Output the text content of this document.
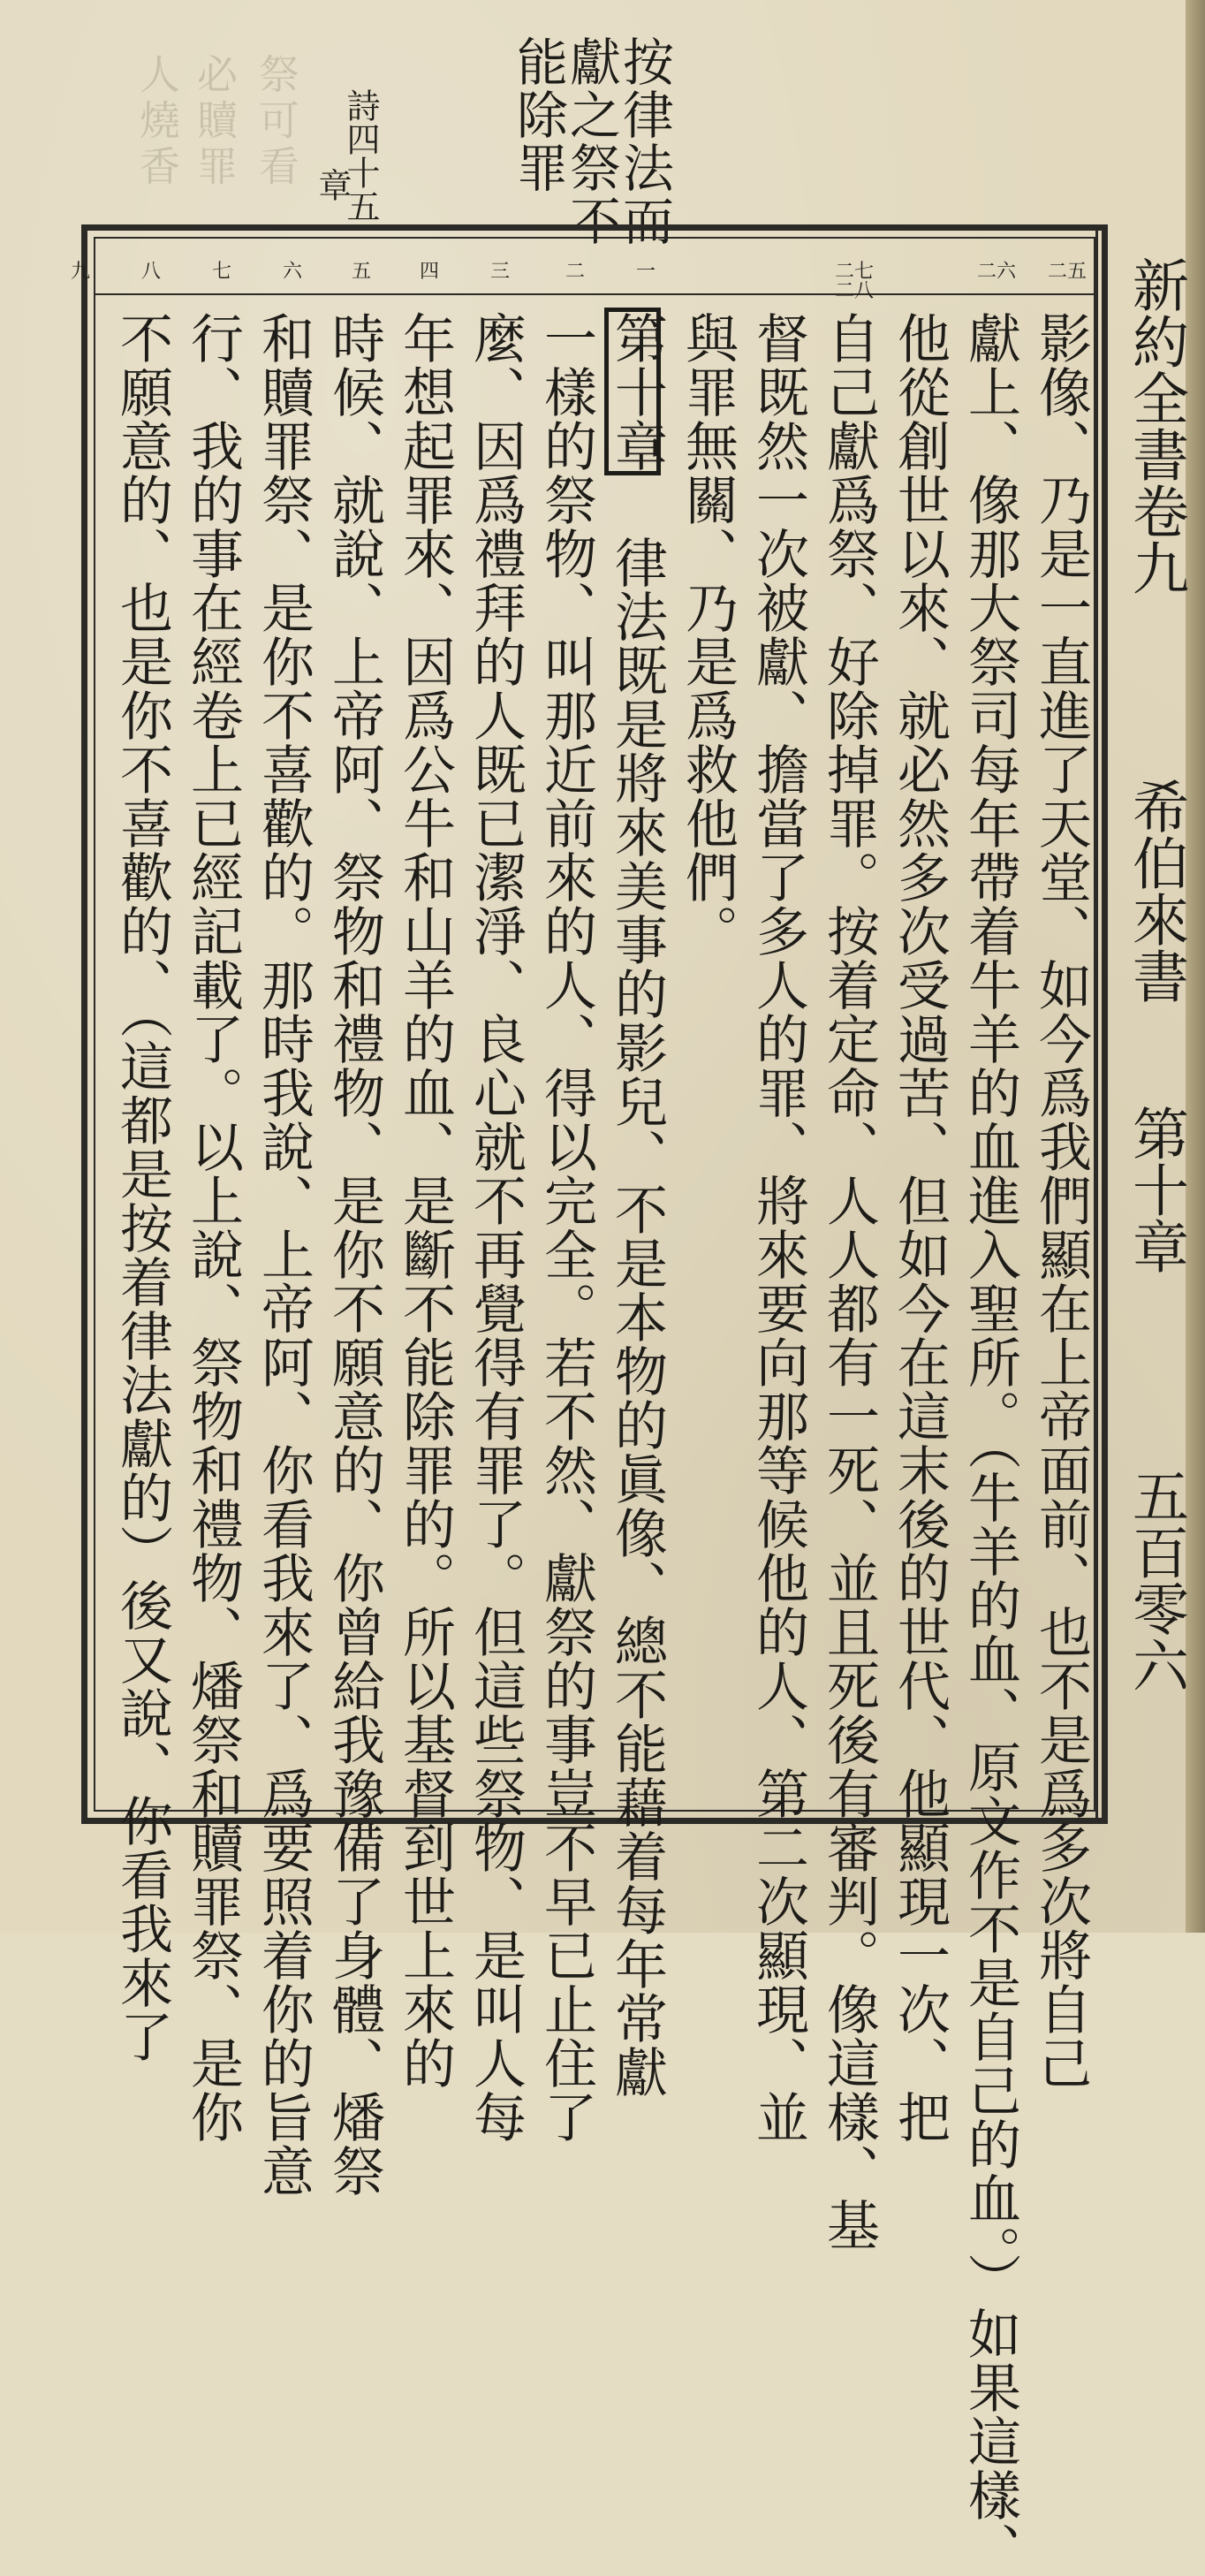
人燒香 必贖罪 祭可看
新約全書卷九
希伯來書
第十章
五百零六
按律法而
獻之祭不
能除罪
詩四十五
章
二五
二六
二七
二八
一
二
三
四
五
六
七
八
九
影像、乃是一直進了天堂、如今爲我們顯在上帝面前、也不是爲多次將自己
獻上、像那大祭司每年帶着牛羊的血進入聖所。（牛羊的血、原文作不是自己的血。）如果這樣、
他從創世以來、就必然多次受過苦、但如今在這末後的世代、他顯現一次、把
自己獻爲祭、好除掉罪。按着定命、人人都有一死、並且死後有審判。像這樣、基
督既然一次被獻、擔當了多人的罪、將來要向那等候他的人、第二次顯現、並
與罪無關、乃是爲救他們。
第十章 律法既是將來美事的影兒、不是本物的眞像、總不能藉着每年常獻
一樣的祭物、叫那近前來的人、得以完全。若不然、獻祭的事豈不早已止住了
麼、因爲禮拜的人既已潔淨、良心就不再覺得有罪了。但這些祭物、是叫人每
年想起罪來、因爲公牛和山羊的血、是斷不能除罪的。所以基督到世上來的
時候、就說、上帝阿、祭物和禮物、是你不願意的、你曾給我豫備了身體、燔祭
和贖罪祭、是你不喜歡的。那時我說、上帝阿、你看我來了、爲要照着你的旨意
行、我的事在經卷上已經記載了。以上說、祭物和禮物、燔祭和贖罪祭、是你
不願意的、也是你不喜歡的、（這都是按着律法獻的）後又說、你看我來了
